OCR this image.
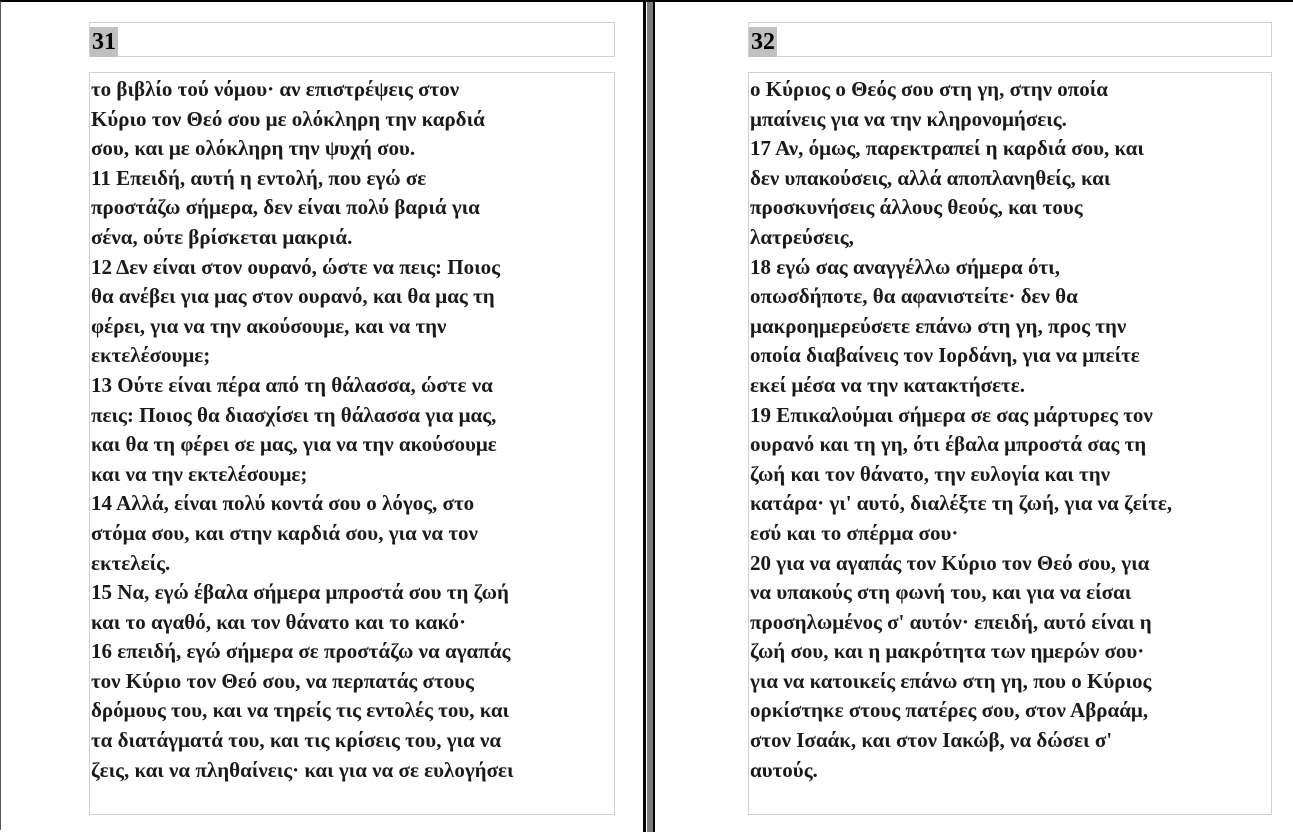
31
το βιβλίο τού νόμου· αν επιστρέψεις στον
Κύριο τον Θεό σου με ολόκληρη την καρδιά
σου, και με ολόκληρη την ψυχή σου.
11 Επειδή, αυτή η εντολή, που εγώ σε
προστάζω σήμερα, δεν είναι πολύ βαριά για
σένα, ούτε βρίσκεται μακριά.
12 Δεν είναι στον ουρανό, ώστε να πεις: Ποιος
θα ανέβει για μας στον ουρανό, και θα μας τη
φέρει, για να την ακούσουμε, και να την
εκτελέσουμε;
13 Ούτε είναι πέρα από τη θάλασσα, ώστε να
πεις: Ποιος θα διασχίσει τη θάλασσα για μας,
και θα τη φέρει σε μας, για να την ακούσουμε
και να την εκτελέσουμε;
14 Αλλά, είναι πολύ κοντά σου ο λόγος, στο
στόμα σου, και στην καρδιά σου, για να τον
εκτελείς.
15 Να, εγώ έβαλα σήμερα μπροστά σου τη ζωή
και το αγαθό, και τον θάνατο και το κακό·
16 επειδή, εγώ σήμερα σε προστάζω να αγαπάς
τον Κύριο τον Θεό σου, να περπατάς στους
δρόμους του, και να τηρείς τις εντολές του, και
τα διατάγματά του, και τις κρίσεις του, για να
ζεις, και να πληθαίνεις· και για να σε ευλογήσει
32
ο Κύριος ο Θεός σου στη γη, στην οποία
μπαίνεις για να την κληρονομήσεις.
17 Αν, όμως, παρεκτραπεί η καρδιά σου, και
δεν υπακούσεις, αλλά αποπλανηθείς, και
προσκυνήσεις άλλους θεούς, και τους
λατρεύσεις,
18 εγώ σας αναγγέλλω σήμερα ότι,
οπωσδήποτε, θα αφανιστείτε· δεν θα
μακροημερεύσετε επάνω στη γη, προς την
οποία διαβαίνεις τον Ιορδάνη, για να μπείτε
εκεί μέσα να την κατακτήσετε.
19 Επικαλούμαι σήμερα σε σας μάρτυρες τον
ουρανό και τη γη, ότι έβαλα μπροστά σας τη
ζωή και τον θάνατο, την ευλογία και την
κατάρα· γι' αυτό, διαλέξτε τη ζωή, για να ζείτε,
εσύ και το σπέρμα σου·
20 για να αγαπάς τον Κύριο τον Θεό σου, για
να υπακούς στη φωνή του, και για να είσαι
προσηλωμένος σ' αυτόν· επειδή, αυτό είναι η
ζωή σου, και η μακρότητα των ημερών σου·
για να κατοικείς επάνω στη γη, που ο Κύριος
ορκίστηκε στους πατέρες σου, στον Αβραάμ,
στον Ισαάκ, και στον Ιακώβ, να δώσει σ'
αυτούς.
